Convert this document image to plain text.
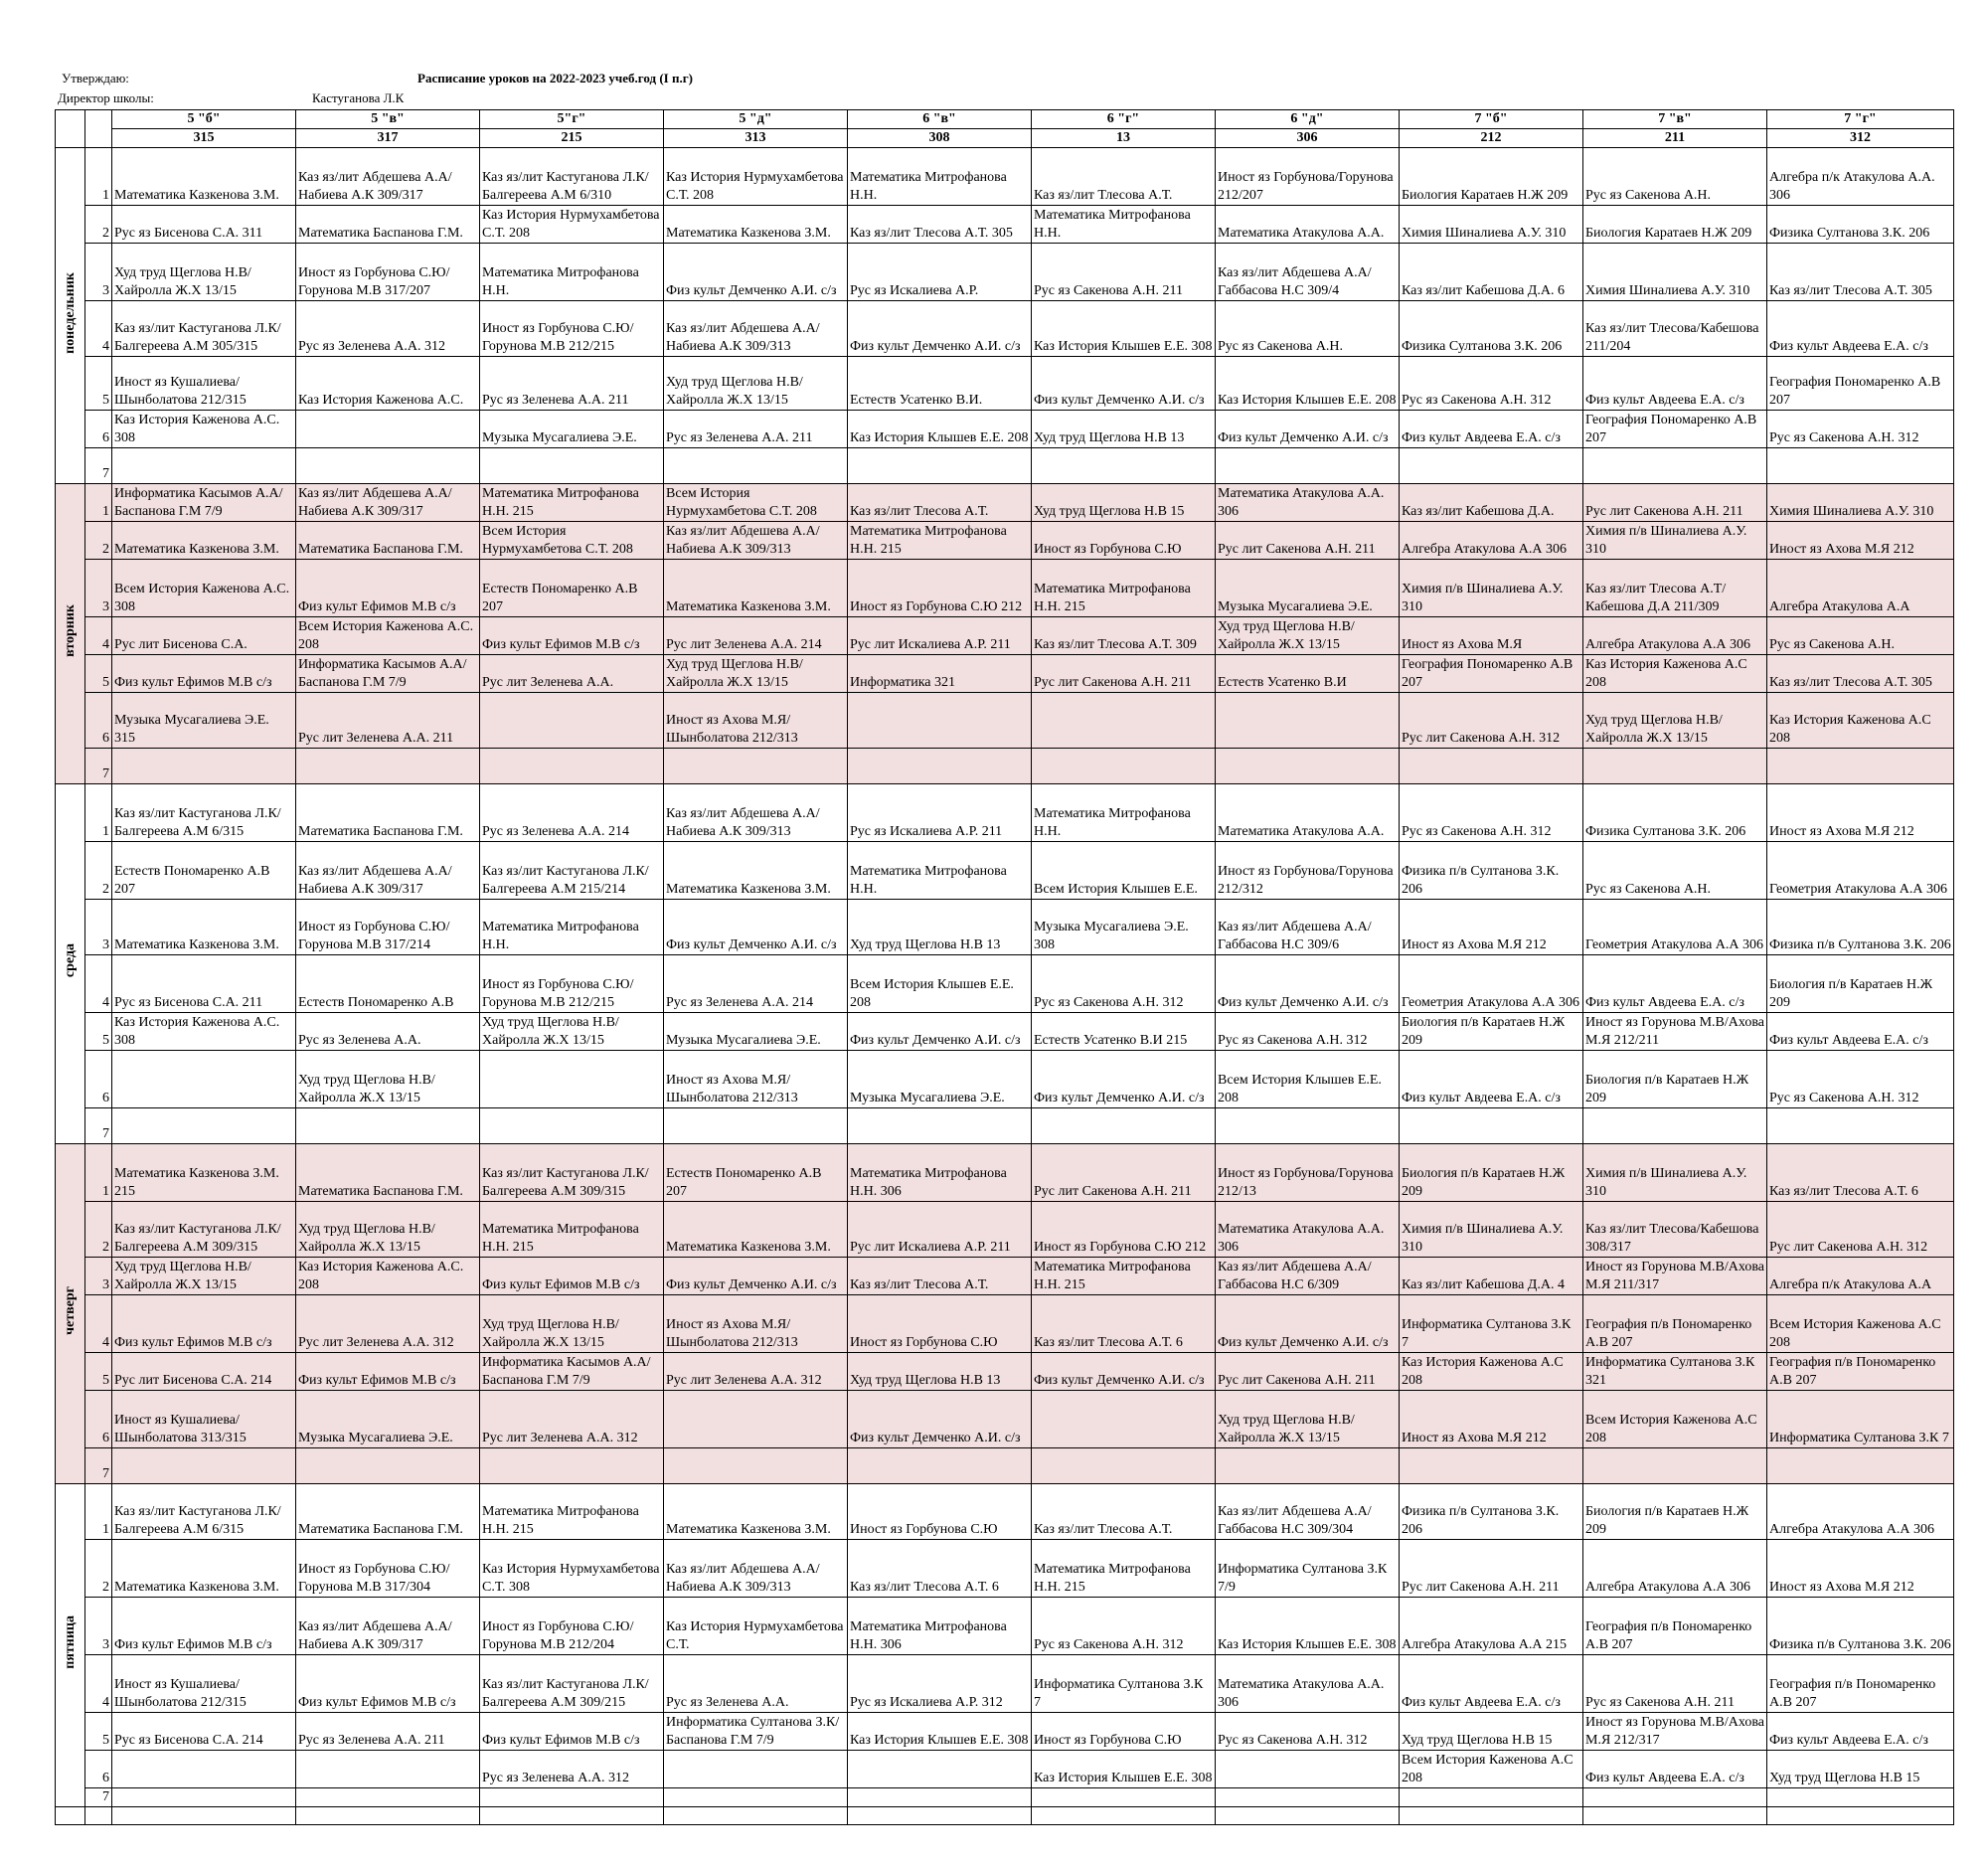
Утверждаю:	Расписание уроков на 2022-2023 учеб.год (I п.г)
Директор школы:	Кастуганова Л.К
		5 "б"	5 "в"	5"г"	5 "д"	6 "в"	6 "г"	6 "д"	7 "б"	7 "в"	7 "г"
		315	317	215	313	308	13	306	212	211	312
понедельник	1	Математика Казкенова З.М.	Каз яз/лит Абдешева А.А/Набиева А.К 309/317	Каз яз/лит Кастуганова Л.К/Балгереева А.М 6/310	Каз История Нурмухамбетова С.Т. 208	Математика Митрофанова Н.Н.	Каз яз/лит Тлесова А.Т.	Иност яз Горбунова/Горунова 212/207	Биология Каратаев Н.Ж 209	Рус яз Сакенова А.Н.	Алгебра п/к Атакулова А.А. 306
	2	Рус яз Бисенова С.А. 311	Математика Баспанова Г.М.	Каз История Нурмухамбетова С.Т. 208	Математика Казкенова З.М.	Каз яз/лит Тлесова А.Т. 305	Математика Митрофанова Н.Н.	Математика Атакулова А.А.	Химия Шиналиева А.У. 310	Биология Каратаев Н.Ж 209	Физика Султанова З.К. 206
	3	Худ труд Щеглова Н.В/Хайролла Ж.Х 13/15	Иност яз Горбунова С.Ю/Горунова М.В 317/207	Математика Митрофанова Н.Н.	Физ культ Демченко А.И. с/з	Рус яз Искалиева А.Р.	Рус яз Сакенова А.Н. 211	Каз яз/лит Абдешева А.А/Габбасова Н.С 309/4	Каз яз/лит Кабешова Д.А. 6	Химия Шиналиева А.У. 310	Каз яз/лит Тлесова А.Т. 305
	4	Каз яз/лит Кастуганова Л.К/Балгереева А.М 305/315	Рус яз Зеленева А.А. 312	Иност яз Горбунова С.Ю/Горунова М.В 212/215	Каз яз/лит Абдешева А.А/Набиева А.К 309/313	Физ культ Демченко А.И. с/з	Каз История Клышев Е.Е. 308	Рус яз Сакенова А.Н.	Физика Султанова З.К. 206	Каз яз/лит Тлесова/Кабешова 211/204	Физ культ Авдеева Е.А. с/з
	5	Иност яз Кушалиева/Шынболатова 212/315	Каз История Каженова А.С.	Рус яз Зеленева А.А. 211	Худ труд Щеглова Н.В/Хайролла Ж.Х 13/15	Естеств Усатенко В.И.	Физ культ Демченко А.И. с/з	Каз История Клышев Е.Е. 208	Рус яз Сакенова А.Н. 312	Физ культ Авдеева Е.А. с/з	География Пономаренко А.В 207
	6	Каз История Каженова А.С. 308		Музыка Мусагалиева Э.Е.	Рус яз Зеленева А.А. 211	Каз История Клышев Е.Е. 208	Худ труд Щеглова Н.В 13	Физ культ Демченко А.И. с/з	Физ культ Авдеева Е.А. с/з	География Пономаренко А.В 207	Рус яз Сакенова А.Н. 312
	7										
вторник	1	Информатика Касымов А.А/ Баспанова Г.М 7/9	Каз яз/лит Абдешева А.А/Набиева А.К 309/317	Математика Митрофанова Н.Н. 215	Всем История Нурмухамбетова С.Т. 208	Каз яз/лит Тлесова А.Т.	Худ труд Щеглова Н.В 15	Математика Атакулова А.А. 306	Каз яз/лит Кабешова Д.А.	Рус лит Сакенова А.Н. 211	Химия Шиналиева А.У. 310
	2	Математика Казкенова З.М.	Математика Баспанова Г.М.	Всем История Нурмухамбетова С.Т. 208	Каз яз/лит Абдешева А.А/Набиева А.К 309/313	Математика Митрофанова Н.Н. 215	Иност яз Горбунова С.Ю	Рус лит Сакенова А.Н. 211	Алгебра Атакулова А.А 306	Химия п/в Шиналиева А.У. 310	Иност яз Ахова М.Я 212
	3	Всем История Каженова А.С. 308	Физ культ Ефимов М.В с/з	Естеств Пономаренко А.В 207	Математика Казкенова З.М.	Иност яз Горбунова С.Ю 212	Математика Митрофанова Н.Н. 215	Музыка Мусагалиева Э.Е.	Химия п/в Шиналиева А.У. 310	Каз яз/лит Тлесова А.Т/Кабешова Д.А 211/309	Алгебра Атакулова А.А
	4	Рус лит Бисенова С.А.	Всем История Каженова А.С. 208	Физ культ Ефимов М.В с/з	Рус лит Зеленева А.А. 214	Рус лит Искалиева А.Р. 211	Каз яз/лит Тлесова А.Т. 309	Худ труд Щеглова Н.В/Хайролла Ж.Х 13/15	Иност яз Ахова М.Я	Алгебра Атакулова А.А 306	Рус яз Сакенова А.Н.
	5	Физ культ Ефимов М.В с/з	Информатика Касымов А.А/ Баспанова Г.М 7/9	Рус лит Зеленева А.А.	Худ труд Щеглова Н.В/Хайролла Ж.Х 13/15	Информатика 321	Рус лит Сакенова А.Н. 211	Естеств Усатенко В.И	География Пономаренко А.В 207	Каз История Каженова А.С 208	Каз яз/лит Тлесова А.Т. 305
	6	Музыка Мусагалиева Э.Е. 315	Рус лит Зеленева А.А. 211		Иност яз Ахова М.Я/Шынболатова 212/313				Рус лит Сакенова А.Н. 312	Худ труд Щеглова Н.В/Хайролла Ж.Х 13/15	Каз История Каженова А.С 208
	7										
среда	1	Каз яз/лит Кастуганова Л.К/Балгереева А.М 6/315	Математика Баспанова Г.М.	Рус яз Зеленева А.А. 214	Каз яз/лит Абдешева А.А/Набиева А.К 309/313	Рус яз Искалиева А.Р. 211	Математика Митрофанова Н.Н.	Математика Атакулова А.А.	Рус яз Сакенова А.Н. 312	Физика Султанова З.К. 206	Иност яз Ахова М.Я 212
	2	Естеств Пономаренко А.В 207	Каз яз/лит Абдешева А.А/Набиева А.К 309/317	Каз яз/лит Кастуганова Л.К/Балгереева А.М 215/214	Математика Казкенова З.М.	Математика Митрофанова Н.Н.	Всем История Клышев Е.Е.	Иност яз Горбунова/Горунова 212/312	Физика п/в Султанова З.К. 206	Рус яз Сакенова А.Н.	Геометрия Атакулова А.А 306
	3	Математика Казкенова З.М.	Иност яз Горбунова С.Ю/Горунова М.В 317/214	Математика Митрофанова Н.Н.	Физ культ Демченко А.И. с/з	Худ труд Щеглова Н.В 13	Музыка Мусагалиева Э.Е. 308	Каз яз/лит Абдешева А.А/Габбасова Н.С 309/6	Иност яз Ахова М.Я 212	Геометрия Атакулова А.А 306	Физика п/в Султанова З.К. 206
	4	Рус яз Бисенова С.А. 211	Естеств Пономаренко А.В	Иност яз Горбунова С.Ю/Горунова М.В 212/215	Рус яз Зеленева А.А. 214	Всем История Клышев Е.Е. 208	Рус яз Сакенова А.Н. 312	Физ культ Демченко А.И. с/з	Геометрия Атакулова А.А 306	Физ культ Авдеева Е.А. с/з	Биология п/в Каратаев Н.Ж 209
	5	Каз История Каженова А.С. 308	Рус яз Зеленева А.А.	Худ труд Щеглова Н.В/Хайролла Ж.Х 13/15	Музыка Мусагалиева Э.Е.	Физ культ Демченко А.И. с/з	Естеств Усатенко В.И 215	Рус яз Сакенова А.Н. 312	Биология п/в Каратаев Н.Ж 209	Иност яз Горунова М.В/Ахова М.Я 212/211	Физ культ Авдеева Е.А. с/з
	6		Худ труд Щеглова Н.В/Хайролла Ж.Х 13/15		Иност яз Ахова М.Я/Шынболатова 212/313	Музыка Мусагалиева Э.Е.	Физ культ Демченко А.И. с/з	Всем История Клышев Е.Е. 208	Физ культ Авдеева Е.А. с/з	Биология п/в Каратаев Н.Ж 209	Рус яз Сакенова А.Н. 312
	7										
четверг	1	Математика Казкенова З.М. 215	Математика Баспанова Г.М.	Каз яз/лит Кастуганова Л.К/Балгереева А.М 309/315	Естеств Пономаренко А.В 207	Математика Митрофанова Н.Н. 306	Рус лит Сакенова А.Н. 211	Иност яз Горбунова/Горунова 212/13	Биология п/в Каратаев Н.Ж 209	Химия п/в Шиналиева А.У. 310	Каз яз/лит Тлесова А.Т. 6
	2	Каз яз/лит Кастуганова Л.К/Балгереева А.М 309/315	Худ труд Щеглова Н.В/Хайролла Ж.Х 13/15	Математика Митрофанова Н.Н. 215	Математика Казкенова З.М.	Рус лит Искалиева А.Р. 211	Иност яз Горбунова С.Ю 212	Математика Атакулова А.А. 306	Химия п/в Шиналиева А.У. 310	Каз яз/лит Тлесова/Кабешова 308/317	Рус лит Сакенова А.Н. 312
	3	Худ труд Щеглова Н.В/Хайролла Ж.Х 13/15	Каз История Каженова А.С. 208	Физ культ Ефимов М.В с/з	Физ культ Демченко А.И. с/з	Каз яз/лит Тлесова А.Т.	Математика Митрофанова Н.Н. 215	Каз яз/лит Абдешева А.А/Габбасова Н.С 6/309	Каз яз/лит Кабешова Д.А. 4	Иност яз Горунова М.В/Ахова М.Я 211/317	Алгебра п/к Атакулова А.А
	4	Физ культ Ефимов М.В с/з	Рус лит Зеленева А.А. 312	Худ труд Щеглова Н.В/Хайролла Ж.Х 13/15	Иност яз Ахова М.Я/Шынболатова 212/313	Иност яз Горбунова С.Ю	Каз яз/лит Тлесова А.Т. 6	Физ культ Демченко А.И. с/з	Информатика Султанова З.К 7	География п/в Пономаренко А.В 207	Всем История Каженова А.С 208
	5	Рус лит Бисенова С.А. 214	Физ культ Ефимов М.В с/з	Информатика Касымов А.А/ Баспанова Г.М 7/9	Рус лит Зеленева А.А. 312	Худ труд Щеглова Н.В 13	Физ культ Демченко А.И. с/з	Рус лит Сакенова А.Н. 211	Каз История Каженова А.С 208	Информатика Султанова З.К 321	География п/в Пономаренко А.В 207
	6	Иност яз Кушалиева/Шынболатова 313/315	Музыка Мусагалиева Э.Е.	Рус лит Зеленева А.А. 312		Физ культ Демченко А.И. с/з		Худ труд Щеглова Н.В/Хайролла Ж.Х 13/15	Иност яз Ахова М.Я 212	Всем История Каженова А.С 208	Информатика Султанова З.К 7
	7										
пятница	1	Каз яз/лит Кастуганова Л.К/Балгереева А.М 6/315	Математика Баспанова Г.М.	Математика Митрофанова Н.Н. 215	Математика Казкенова З.М.	Иност яз Горбунова С.Ю	Каз яз/лит Тлесова А.Т.	Каз яз/лит Абдешева А.А/Габбасова Н.С 309/304	Физика п/в Султанова З.К. 206	Биология п/в Каратаев Н.Ж 209	Алгебра Атакулова А.А 306
	2	Математика Казкенова З.М.	Иност яз Горбунова С.Ю/Горунова М.В 317/304	Каз История Нурмухамбетова С.Т. 308	Каз яз/лит Абдешева А.А/Набиева А.К 309/313	Каз яз/лит Тлесова А.Т. 6	Математика Митрофанова Н.Н. 215	Информатика Султанова З.К 7/9	Рус лит Сакенова А.Н. 211	Алгебра Атакулова А.А 306	Иност яз Ахова М.Я 212
	3	Физ культ Ефимов М.В с/з	Каз яз/лит Абдешева А.А/Набиева А.К 309/317	Иност яз Горбунова С.Ю/Горунова М.В 212/204	Каз История Нурмухамбетова С.Т.	Математика Митрофанова Н.Н. 306	Рус яз Сакенова А.Н. 312	Каз История Клышев Е.Е. 308	Алгебра Атакулова А.А 215	География п/в Пономаренко А.В 207	Физика п/в Султанова З.К. 206
	4	Иност яз Кушалиева/Шынболатова 212/315	Физ культ Ефимов М.В с/з	Каз яз/лит Кастуганова Л.К/Балгереева А.М 309/215	Рус яз Зеленева А.А.	Рус яз Искалиева А.Р. 312	Информатика Султанова З.К 7	Математика Атакулова А.А. 306	Физ культ Авдеева Е.А. с/з	Рус яз Сакенова А.Н. 211	География п/в Пономаренко А.В 207
	5	Рус яз Бисенова С.А. 214	Рус яз Зеленева А.А. 211	Физ культ Ефимов М.В с/з	Информатика Султанова З.К/Баспанова Г.М 7/9	Каз История Клышев Е.Е. 308	Иност яз Горбунова С.Ю	Рус яз Сакенова А.Н. 312	Худ труд Щеглова Н.В 15	Иност яз Горунова М.В/Ахова М.Я 212/317	Физ культ Авдеева Е.А. с/з
	6			Рус яз Зеленева А.А. 312			Каз История Клышев Е.Е. 308		Всем История Каженова А.С 208	Физ культ Авдеева Е.А. с/з	Худ труд Щеглова Н.В 15
	7										
